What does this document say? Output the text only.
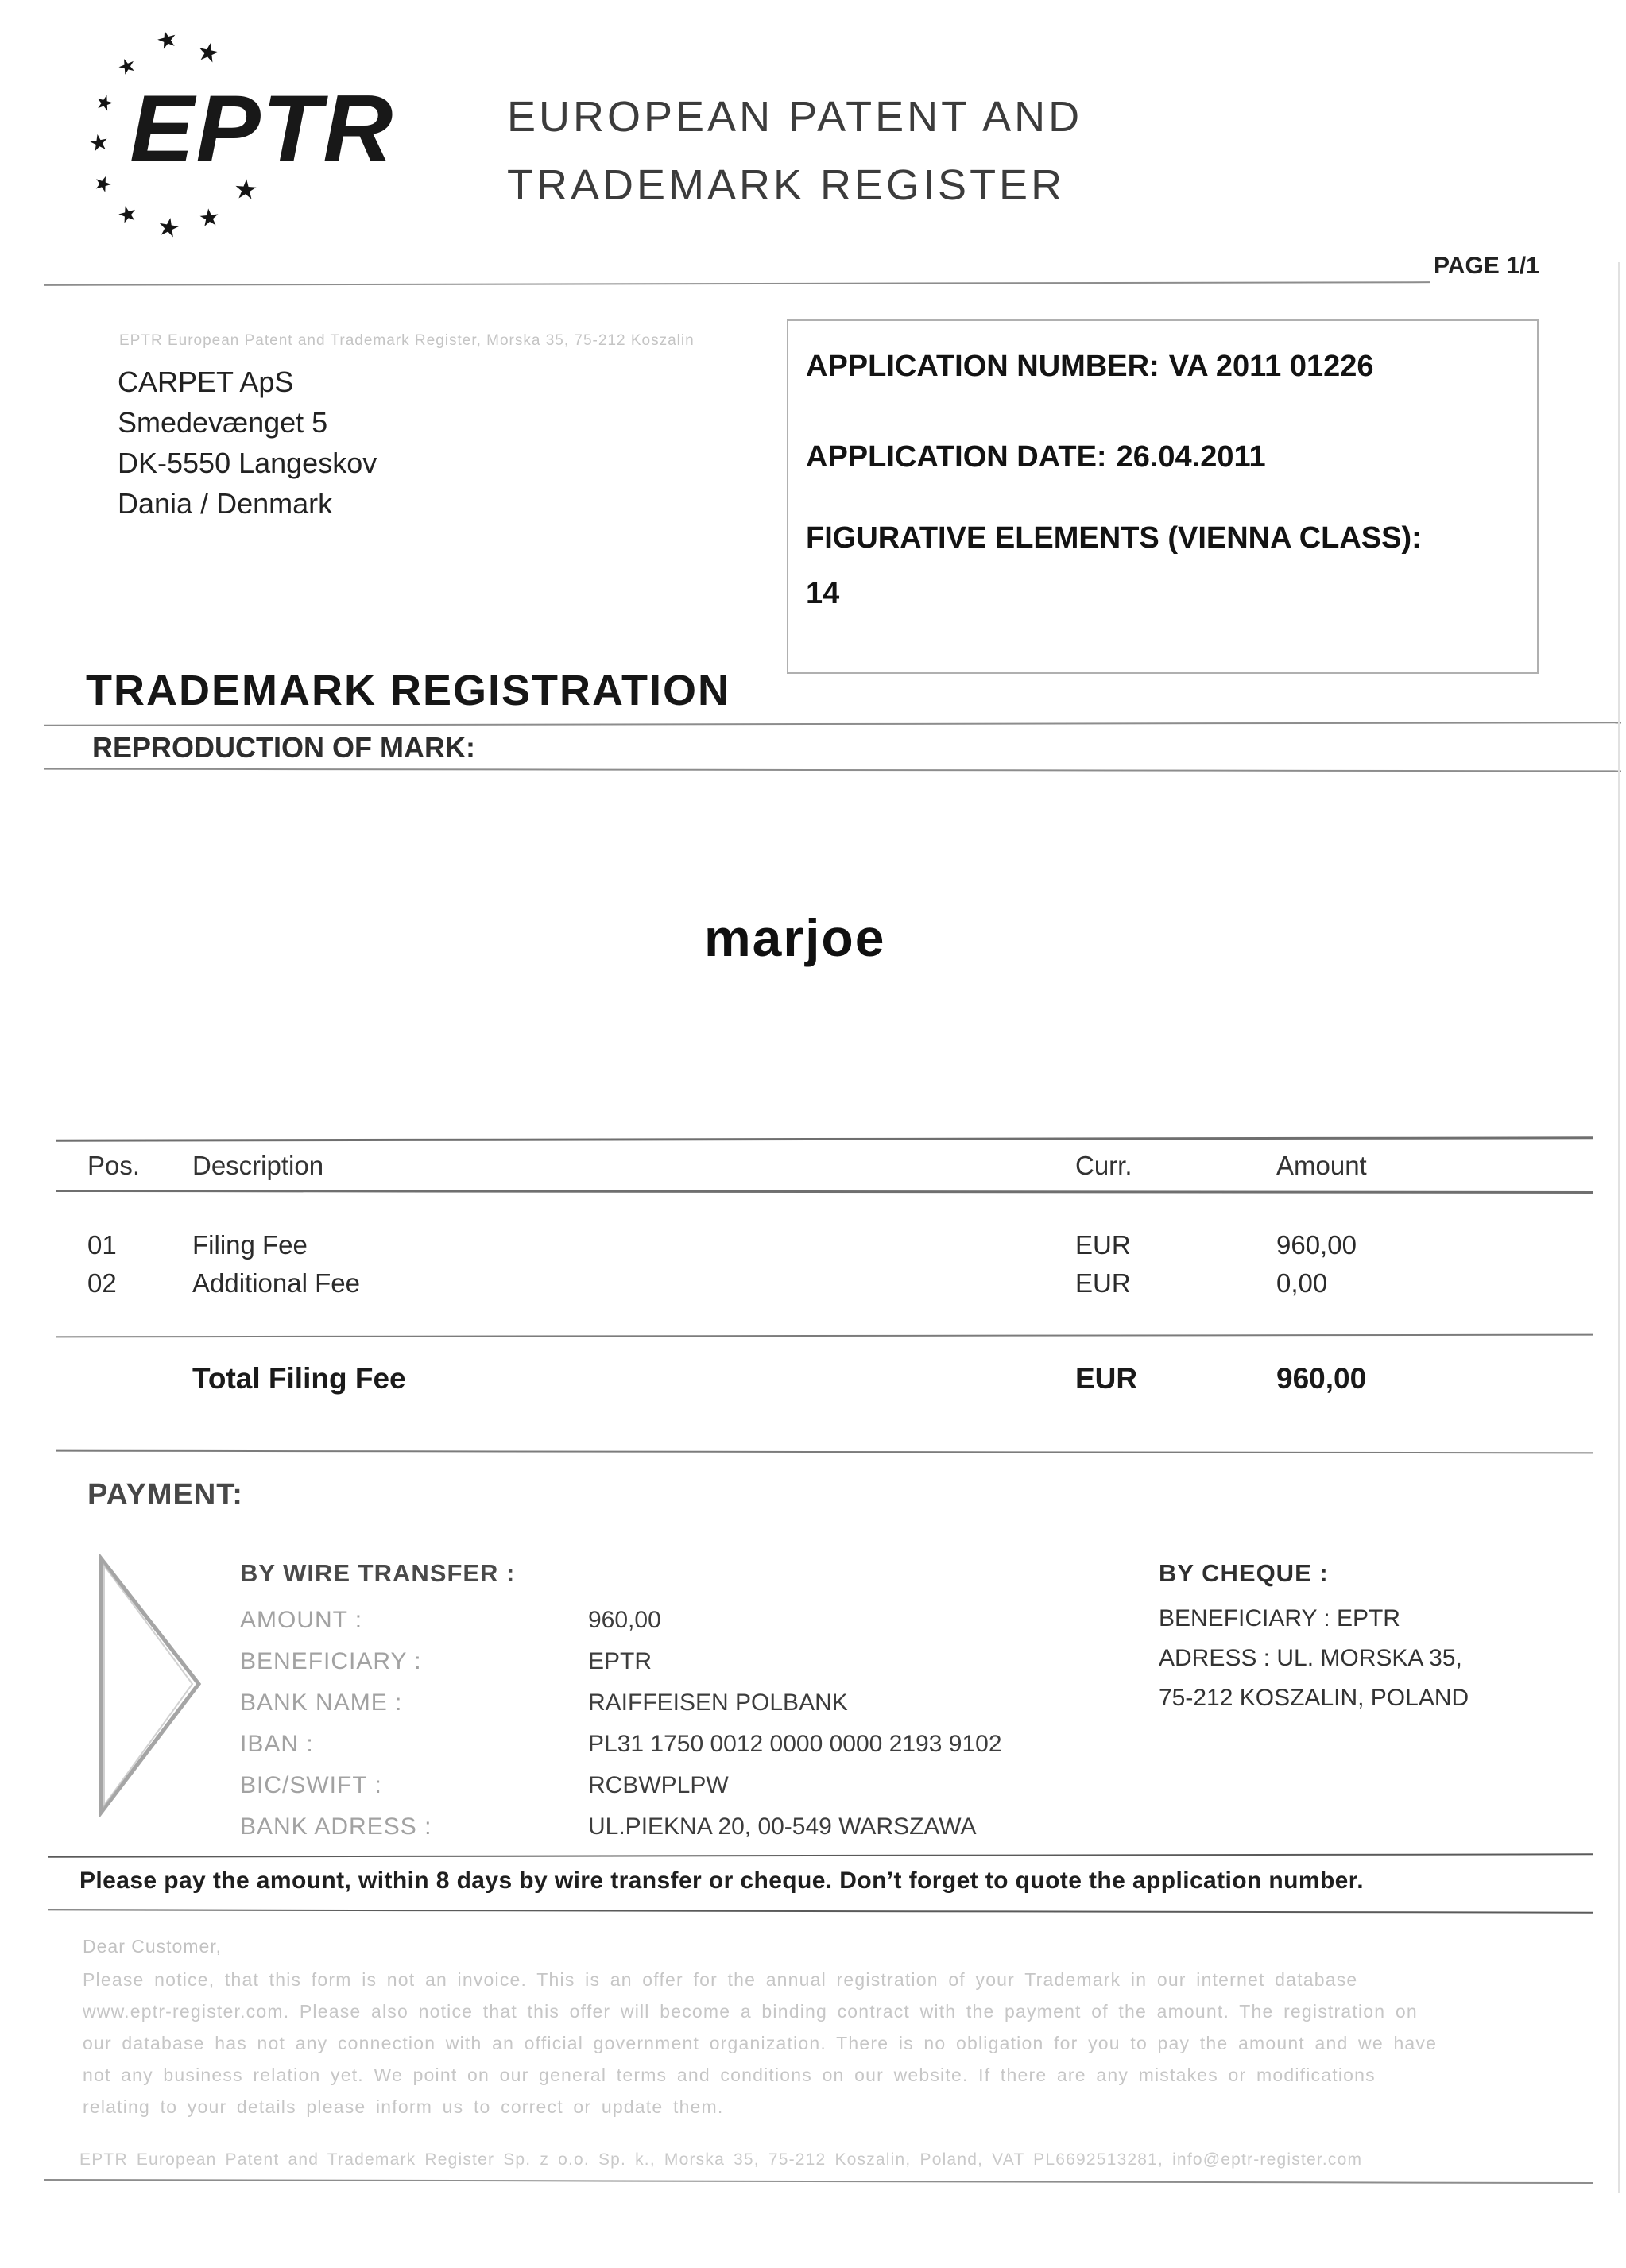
★ ★
★
★
★
★
★ ★ ★
★
EPTR	EUROPEAN PATENT AND
TRADEMARK REGISTER
PAGE 1/1
EPTR European Patent and Trademark Register, Morska 35, 75-212 Koszalin
CARPET ApS
Smedevænget 5
DK-5550 Langeskov
Dania / Denmark
APPLICATION NUMBER: VA 2011 01226
APPLICATION DATE: 26.04.2011
FIGURATIVE ELEMENTS (VIENNA CLASS):
14
TRADEMARK REGISTRATION
REPRODUCTION OF MARK:
marjoe
Pos. Description	Curr.	Amount
01	Filing Fee	EUR	960,00
02	Additional Fee	EUR	0,00
Total Filing Fee	EUR	960,00
PAYMENT:
BY WIRE TRANSFER :
AMOUNT :	960,00
BENEFICIARY :	EPTR
BANK NAME :	RAIFFEISEN POLBANK
IBAN :	PL31 1750 0012 0000 0000 2193 9102
BIC/SWIFT :	RCBWPLPW
BANK ADRESS :	UL.PIEKNA 20, 00-549 WARSZAWA
BY CHEQUE :
BENEFICIARY : EPTR
ADRESS : UL. MORSKA 35,
75-212 KOSZALIN, POLAND
Please pay the amount, within 8 days by wire transfer or cheque. Don’t forget to quote the application number.
Dear Customer,
Please notice, that this form is not an invoice. This is an offer for the annual registration of your Trademark in our internet database
www.eptr-register.com. Please also notice that this offer will become a binding contract with the payment of the amount. The registration on
our database has not any connection with an official government organization. There is no obligation for you to pay the amount and we have
not any business relation yet. We point on our general terms and conditions on our website. If there are any mistakes or modifications
relating to your details please inform us to correct or update them.
EPTR European Patent and Trademark Register Sp. z o.o. Sp. k., Morska 35, 75-212 Koszalin, Poland, VAT PL6692513281, info@eptr-register.com
